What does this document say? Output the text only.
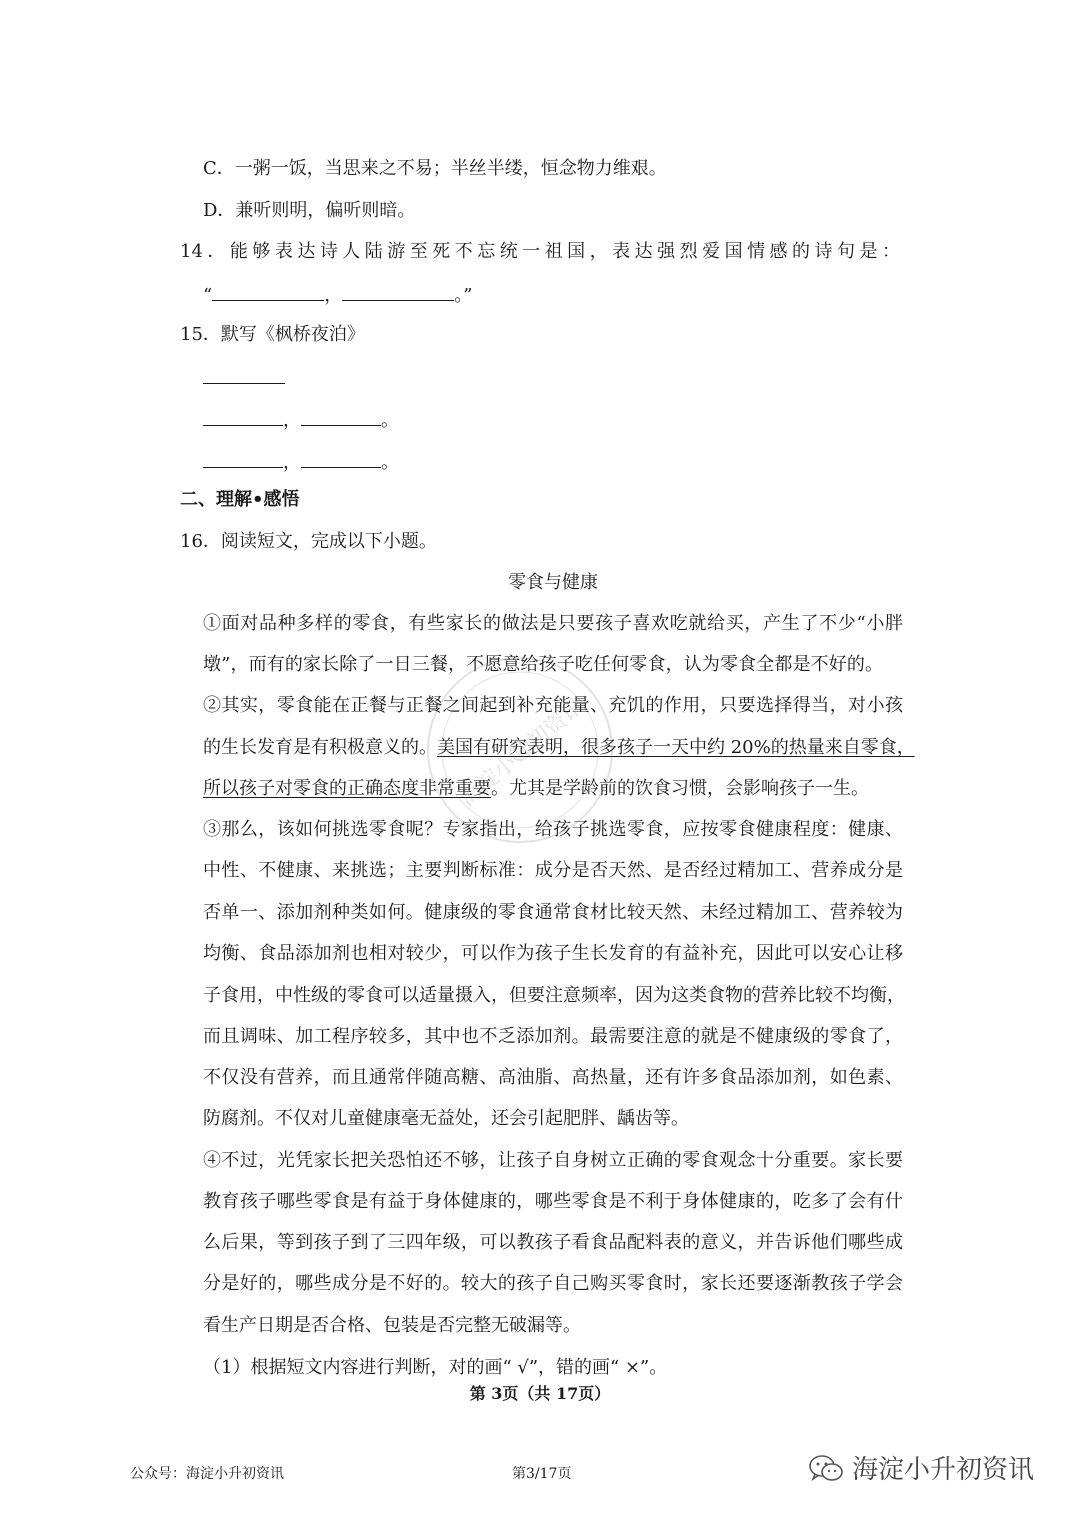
C．一粥一饭，当思来之不易；半丝半缕，恒念物力维艰。
D．兼听则明，偏听则暗。
14．能够表达诗人陆游至死不忘统一祖国，表达强烈爱国情感的诗句是：
“	，	。”
15．默写《枫桥夜泊》
，	。
，	。
二、理解•感悟
16．阅读短文，完成以下小题。
零食与健康
①面对品种多样的零食，有些家长的做法是只要孩子喜欢吃就给买，产生了不少“小胖
墩”，而有的家长除了一日三餐，不愿意给孩子吃任何零食，认为零食全都是不好的。
②其实，零食能在正餐与正餐之间起到补充能量、充饥的作用，只要选择得当，对小孩
的生长发育是有积极意义的。美国有研究表明，很多孩子一天中约 20%的热量来自零食，
所以孩子对零食的正确态度非常重要。尤其是学龄前的饮食习惯，会影响孩子一生。
③那么，该如何挑选零食呢？专家指出，给孩子挑选零食，应按零食健康程度：健康、
中性、不健康、来挑选；主要判断标准：成分是否天然、是否经过精加工、营养成分是
否单一、添加剂种类如何。健康级的零食通常食材比较天然、未经过精加工、营养较为
均衡、食品添加剂也相对较少，可以作为孩子生长发育的有益补充，因此可以安心让移
子食用，中性级的零食可以适量摄入，但要注意频率，因为这类食物的营养比较不均衡，
而且调味、加工程序较多，其中也不乏添加剂。最需要注意的就是不健康级的零食了，
不仅没有营养，而且通常伴随高糖、高油脂、高热量，还有许多食品添加剂，如色素、
防腐剂。不仅对儿童健康毫无益处，还会引起肥胖、龋齿等。
④不过，光凭家长把关恐怕还不够，让孩子自身树立正确的零食观念十分重要。家长要
教育孩子哪些零食是有益于身体健康的，哪些零食是不利于身体健康的，吃多了会有什
么后果，等到孩子到了三四年级，可以教孩子看食品配料表的意义，并告诉他们哪些成
分是好的，哪些成分是不好的。较大的孩子自己购买零食时，家长还要逐渐教孩子学会
看生产日期是否合格、包装是否完整无破漏等。
（1）根据短文内容进行判断，对的画“ √”，错的画“ ×”。
第 3页（共 17页）
公众号：海淀小升初资讯	第3/17页	海淀小升初资讯
海淀小升初资讯
